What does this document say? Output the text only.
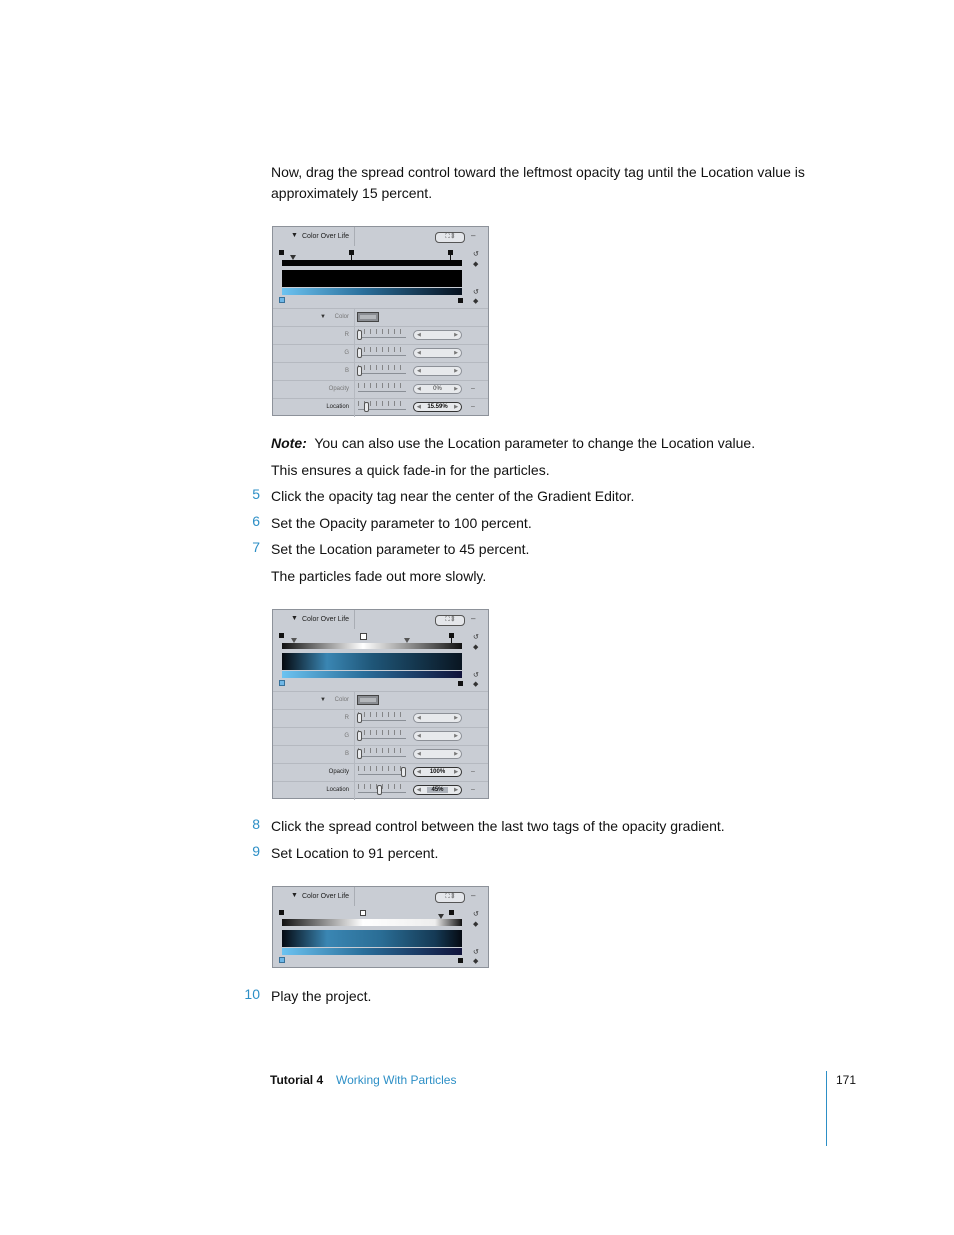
Now, drag the spread control toward the leftmost opacity tag until the Location value is approximately 15 percent.
▼ Color Over Life	⛶ ⇕	–
↺
◆
↺
◆
▼ Color
R	◀	▶
G	◀	▶
B	◀	▶
Opacity	◀ 0% ▶ –
Location	◀ 15.59% ▶ –
Note: You can also use the Location parameter to change the Location value.
This ensures a quick fade-in for the particles.
5 Click the opacity tag near the center of the Gradient Editor.
6 Set the Opacity parameter to 100 percent.
7 Set the Location parameter to 45 percent.
The particles fade out more slowly.
▼ Color Over Life	⛶ ⇕	–
↺
◆
↺
◆
▼ Color
R	◀	▶
G	◀	▶
B	◀	▶
Opacity	◀ 100% ▶ –
Location	◀ 45% ▶ –
8 Click the spread control between the last two tags of the opacity gradient.
9 Set Location to 91 percent.
▼ Color Over Life	⛶ ⇕	–
↺
◆
↺
◆
10 Play the project.
Tutorial 4 Working With Particles	171
